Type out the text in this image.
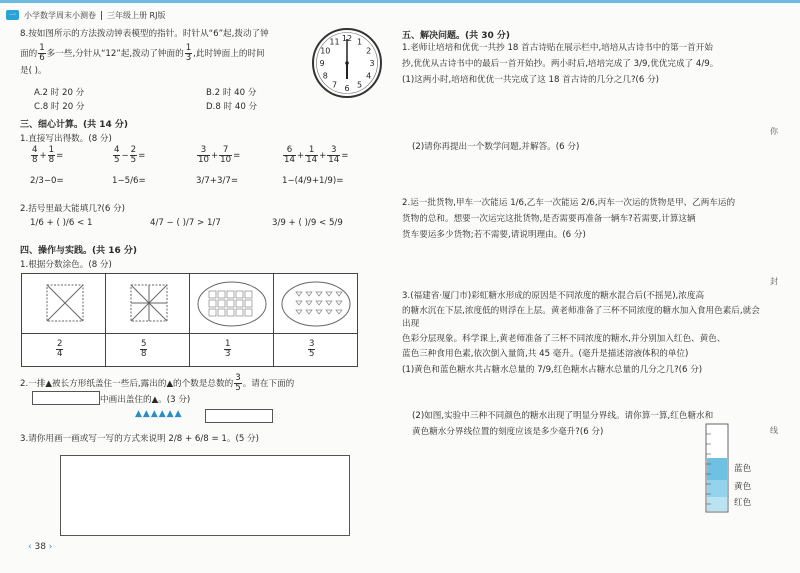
一本
小学数学周末小测卷 三年级上册 RJ版
8.按如图所示的方法拨动钟表模型的指针。时针从“6”起,拨动了钟
面的 $\frac{1}{6}$ 多一些,分针从“12”起,拨动了钟面的 $\frac{1}{3}$ ,此时钟面上的时间
是( )。
A.2 时 20 分	B.2 时 40 分
C.8 时 20 分	D.8 时 40 分
12 1
2
3
4
5
6
7
8
9
10
11
三、细心计算。(共 14 分)
1.直接写出得数。(8 分)
$\frac{4}{8} + \frac{1}{8}$ =	$\frac{4}{5} - \frac{2}{5}$ =	$\frac{3}{10} + \frac{7}{10}$ =	$\frac{6}{14} + \frac{1}{14} + \frac{3}{14}$ =
2/3−0=	1−5/6=	3/7+3/7=	1−(4/9+1/9)=
2.括号里最大能填几?(6 分)
1/6 + ( )/6 < 1	4/7 − ( )/7 > 1/7	3/9 + ( )/9 < 5/9
四、操作与实践。(共 16 分)
1.根据分数涂色。(8 分)
$\frac{2}{4}$	$\frac{5}{8}$	$\frac{1}{3}$	$\frac{3}{5}$
2.一排▲被长方形纸盖住一些后,露出的▲的个数是总数的 $\frac{3}{5}$ 。请在下面的
中画出盖住的▲。(3 分)
▲▲▲▲▲▲
3.请你用画一画或写一写的方式来说明 2/8 + 6/8 = 1。(5 分)
‹ 38 ›
五、解决问题。(共 30 分)
1.老师让培培和优优一共抄 18 首古诗贴在展示栏中,培培从古诗书中的第一首开始
抄,优优从古诗书中的最后一首开始抄。两小时后,培培完成了 3/9,优优完成了 4/9。
(1)这两小时,培培和优优一共完成了这 18 首古诗的几分之几?(6 分)
(2)请你再提出一个数学问题,并解答。(6 分)
2.运一批货物,甲车一次能运 1/6,乙车一次能运 2/6,丙车一次运的货物是甲、乙两车运的
货物的总和。想要一次运完这批货物,是否需要再准备一辆车?若需要,计算这辆
货车要运多少货物;若不需要,请说明理由。(6 分)
3.(福建省·厦门市)彩虹糖水形成的原因是不同浓度的糖水混合后(不摇晃),浓度高
的糖水沉在下层,浓度低的则浮在上层。黄老师准备了三杯不同浓度的糖水加入食用色素后,就会出现
色彩分层现象。科学课上,黄老师准备了三杯不同浓度的糖水,并分别加入红色、黄色、
蓝色三种食用色素,依次倒入量筒,共 45 毫升。(毫升是描述溶液体积的单位)
(1)黄色和蓝色糖水共占糖水总量的 7/9,红色糖水占糖水总量的几分之几?(6 分)
(2)如图,实验中三种不同颜色的糖水出现了明显分界线。请你算一算,红色糖水和
黄色糖水分界线位置的刻度应该是多少毫升?(6 分)
蓝色
黄色
红色
你
封
线
